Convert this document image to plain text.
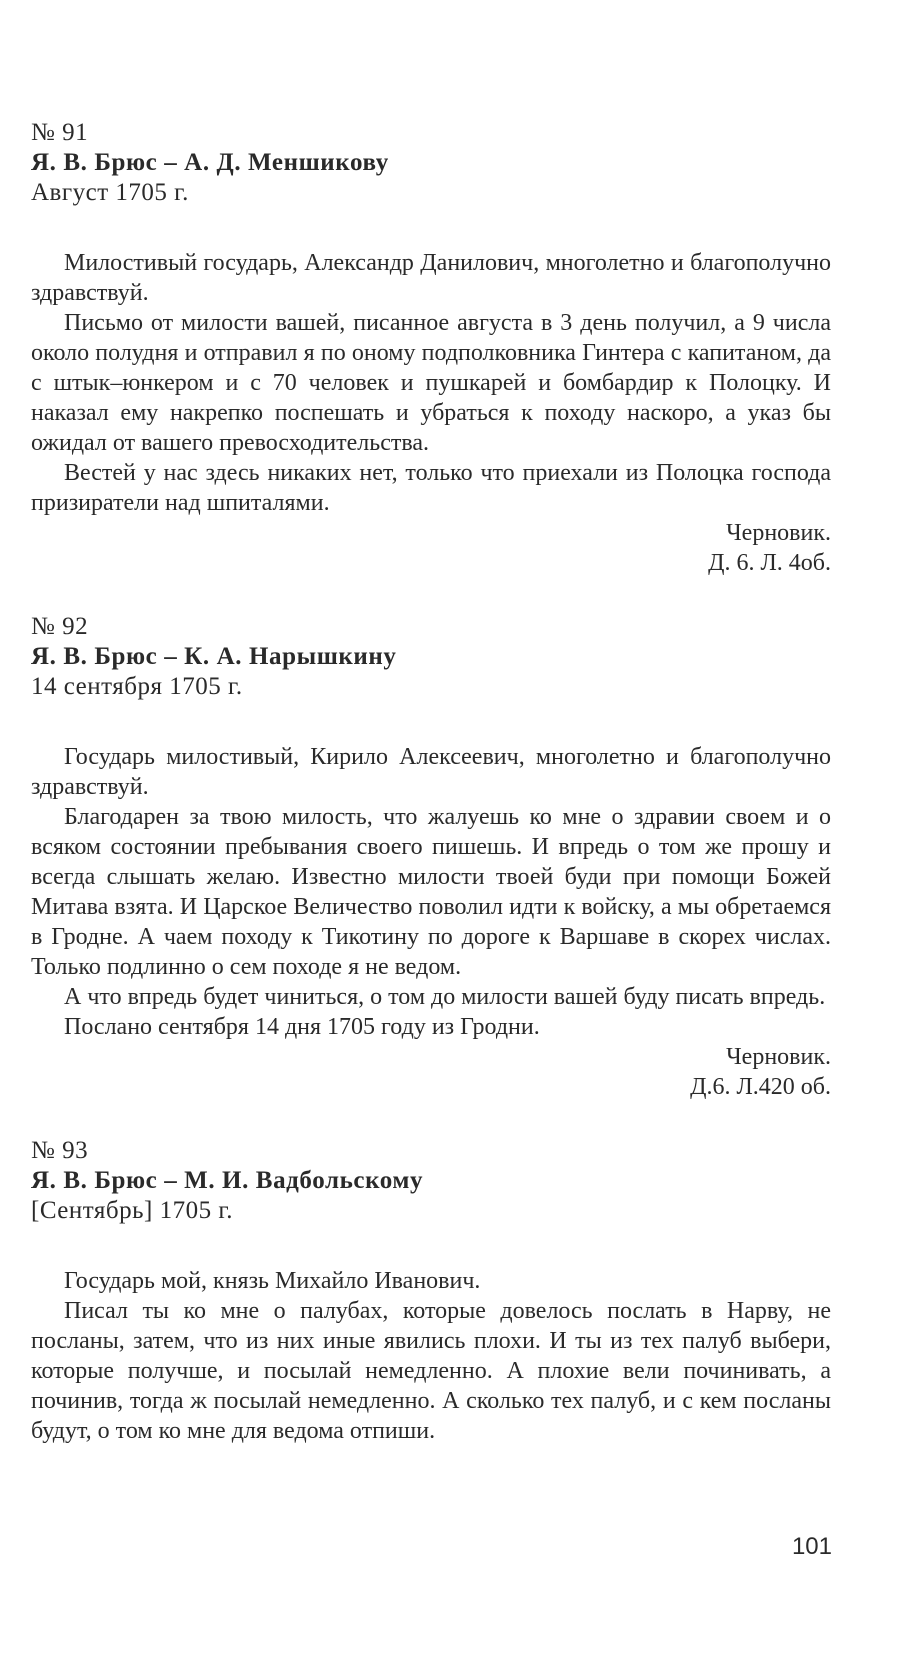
№ 91
Я. В. Брюс – А. Д. Меншикову
Август 1705 г.

Милостивый государь, Александр Данилович, многолетно и благополучно здравствуй.

Письмо от милости вашей, писанное августа в 3 день получил, а 9 числа около полудня и отправил я по оному подполковника Гинтера с капитаном, да с штык–юнкером и с 70 человек и пушкарей и бомбардир к Полоцку. И наказал ему накрепко поспешать и убраться к походу наскоро, а указ бы ожидал от вашего превосходительства.

Вестей у нас здесь никаких нет, только что приехали из Полоцка господа призиратели над шпиталями.

Черновик.
Д. 6. Л. 4об.
№ 92
Я. В. Брюс – К. А. Нарышкину
14 сентября 1705 г.

Государь милостивый, Кирило Алексеевич, многолетно и благополучно здравствуй.

Благодарен за твою милость, что жалуешь ко мне о здравии своем и о всяком состоянии пребывания своего пишешь. И впредь о том же прошу и всегда слышать желаю. Известно милости твоей буди при помощи Божей Митава взята. И Царское Величество поволил идти к войску, а мы обретаемся в Гродне. А чаем походу к Тикотину по дороге к Варшаве в скорех числах. Только подлинно о сем походе я не ведом.

А что впредь будет чиниться, о том до милости вашей буду писать впредь.

Послано сентября 14 дня 1705 году из Гродни.

Черновик.
Д.6. Л.420 об.
№ 93
Я. В. Брюс – М. И. Вадбольскому
[Сентябрь] 1705 г.

Государь мой, князь Михайло Иванович.

Писал ты ко мне о палубах, которые довелось послать в Нарву, не посланы, затем, что из них иные явились плохи. И ты из тех палуб выбери, которые получше, и посылай немедленно. А плохие вели починивать, а починив, тогда ж посылай немедленно. А сколько тех палуб, и с кем посланы будут, о том ко мне для ведома отпиши.

101
